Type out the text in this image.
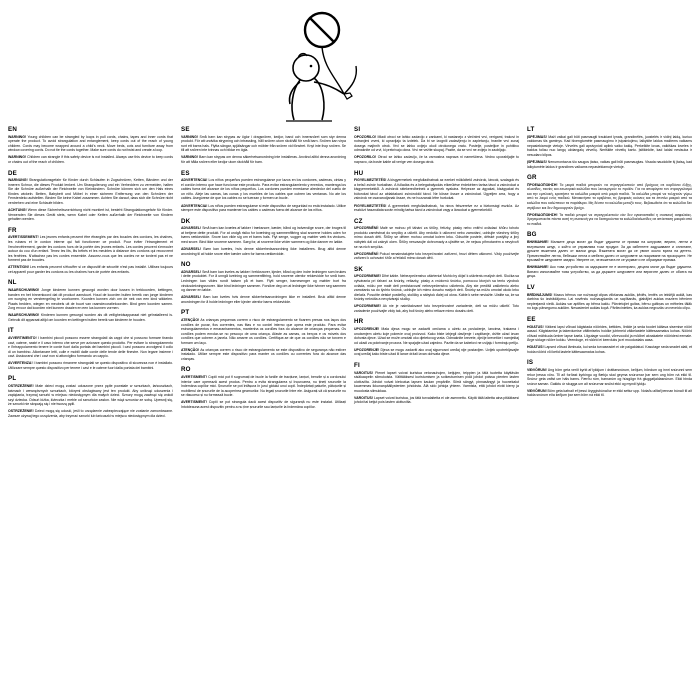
EN

WARNING! Young children can be strangled by loops in pull cords, chains, tapes and inner cords that operate the product. To avoid strangulation and entanglement, keep cords out of the reach of young children. Cords may become wrapped around a child's neck. Move beds, cots and furniture away from window covering cords. Do not tie the cords together. Make sure cords do not twist and create a loop.

WARNING! Children can strangle if this safety device is not installed. Always use this device to keep cords or chains out of the reach of children.

DE

WARNUNG! Strangulationsgefahr für Kinder durch Schlaufen in Zugschnüren, Ketten, Bändern und der inneren Schnur, die dieses Produkt lenkert. Um Strangulierung und ein Verheddern zu vermeiden, halten Sie die Schnüre außerhalb der Reichweite von Kleinkindern. Schnüre können sich um den Hals eines Kindes wickeln. Betten, Babybett und Möbel in einer sicheren Entfernung von den Schnüren der Fensterdeko aufstellen. Binden Sie keine Kabel zusammen. Achten Sie darauf, dass sich die Schnüre nicht verdrehen und eine Schlaufe bilden.

ACHTUNG! Wenn diese Sicherheitsvorrichtung nicht montiert ist, besteht Strangulationsgefahr für Kinder. Verwenden Sie dieses Gerät stets, wenn Kabel oder Ketten außerhalb der Reichweite von Kindern gehalten werden.

FR

AVERTISSEMENT! Les jeunes enfants peuvent être étranglés par des boucles des cordons, les chaînes, les rubans et le cordon interne qui fait fonctionner ce produit. Pour éviter l'étranglement et l'enchevêtrement, garder les cordons hors de la portée des jeunes enfants. Les cordes peuvent s'enrouler autour du cou d'un enfant. Tenez les lits, lits bébés et les meubles à distance des cordons qui recouvrent les fenêtres. N'attachez pas les cordes ensemble. Assurez-vous que les cordes ne se tordent pas et ne forment pas de boucles.

ATTENTION! Les enfants peuvent s'étouffer si ce dispositif de sécurité n'est pas installé. Utilisez toujours cet appareil pour garder les cordons ou les chaînes hors de portée des enfants.

NL

WAARSCHUWING! Jonge kinderen kunnen gewurgd worden door lussen in trekkoorden, kettingen, banden en het binnenkoord dat dit product aanstuurt. Houd de koorden buiten bereik van jonge kinderen om wurging en verstrengeling te voorkomen. Koorden kunnen zich om de nek van een kind wikkelen. Plaats bedden, wiegen en meubels uit de buurt van raamdecoratiekoorden. Bind geen koorden samen. Zorg ervoor dat koorden niet kunnen draaien en een lus kunnen vormen.

WAARSCHUWING! Kinderen kunnen gewurgd worden als dit veiligheidsapparaat niet geïnstalleerd is. Gebruik dit apparaat altijd om koorden en kettingen buiten bereik van kinderen te houden.

IT

AVVERTIMENTO! I bambini piccoli possono essere strangolati da cappi che si possono formare tirando cavi, catene, nastri e il cavo interno che serve per azionare questo prodotto. Per evitare lo strangolamento e l'intrappolamento tenere le corde fuori dalla portata dei bambini piccoli. I cavi possono avvolgersi il collo di un bambino. Allontanare letti, culle e mobili dalle corde delle tende delle finestre. Non legare insieme i cavi. Assicurarsi che i cavi non si attorciglino formando un cappio.

AVVERTENZA! I bambini possono rimanere strangolati se questo dispositivo di sicurezza non è installato. Utilizzare sempre questo dispositivo per tenere i cavi e le catene fuori dalla portata dei bambini.

PL

OSTRZEŻENIE! Małe dzieci mogą zostać uduszone przez pętle powstałe w sznurkach, łańcuszkach, taśmach i wewnętrznych sznurkach, którymi obsługiwany jest ten produkt. Aby uniknąć uduszenia i zaplątania, trzymaj sznurki w miejscu niedostępnym dla małych dzieci. Sznury mogą zawinąć się wokół szyi dziecka. Odsuń łóżka, łóżeczka i meble od sznurków zasłon. Nie wiąż sznurów ze sobą. Upewnij się, że sznurki nie skręcają się i nie tworzą pętli.

OSTRZEŻENIE! Dzieci mogą się udusić, jeśli to urządzenie zabezpieczające nie zostanie zamontowane. Zawsze używaj tego urządzenia, aby trzymać sznurki lub łańcuszki w miejscu niedostępnym dla dzieci.

SE

VARNING! Små barn kan strypas av öglor i dragsnören, kedjor, band och innersnöret som styr denna produkt. För att undvika strypning och intrassling, håll snören utom räckhåll för små barn. Snören kan virpa runt ett barns hals. Flytta sängar, spjälsängar och möbler från snören vid fönstret. Knyt inte ihop snören. Se till att snören inte tvinnas och bildar en ögla.

VARNING! Barn kan strypas om denna säkerhetsanordning inte installeras. Använd alltid denna anordning för att hålla snören eller kedjor utom räckhåll för barn.

ES

ADVERTENCIA! Los niños pequeños pueden estrangularse por lazos en los cordones, cadenas, cintas y el cordón interno que hace funcionar este producto. Para evitar estrangulamiento y enredos, mantenga los cables fuera del alcance de los niños pequeños. Los cordones pueden enredarse alrededor del cuello de un niño. Aleje las camas, las cunas y los muebles de los cables que cubren las ventanas. No ate los cables. Asegúrese de que los cables no se tuerzan y formen un bucle.

ADVERTENCIA! Los niños pueden estrangularse si este dispositivo de seguridad no está instalado. Utilice siempre este dispositivo para mantener los cables o cadenas fuera del alcance de los niños.

DK

ADVARSEL! Små børn kan kvæles af løkker i træksnore, kæder, bånd og indvendige snore, der bruges til at betjene dette produkt. For at undgå risiko for kvælning og sammenfiltring skal snorene holdes uden for børns rækkevidde. Snore kan vikle sig om et barns hals. Flyt senge, vugger og møbler væk fra vindues-med snore. Bind ikke snorene sammen. Sørg for, at snorene ikke vrider sammen og ikke danner en løkke.

ADVARSEL! Børn kan kvæles, hvis denne sikkerhedsanordning ikke installeres. Brug altid denne anordning til at holde snore eller kæder uden for børns rækkevidde.

NO

ADVARSEL! Små barn kan kveles av løkker i trekksnorer, kjeder, bånd og den indre ledningen som brukes i dette produktet. For å unngå kvelning og sammenfiltring, hold snorene utenfor rekkevidde for små barn. Ledningen kan vikles rundt halsen på et barn. Flytt senger, barnesenger og møbler bort fra vindusdekningssnorer. Ikke bind ledninger sammen. Forsikre deg om at ledninger ikke tvinner seg sammen og danner en løkke.

ADVARSEL! Barn kan kveles hvis denne sikkerhetsanordningen ikke er installert. Bruk alltid denne anordningen for å holde ledninger eller kjeder utenfor barns rekkevidde.

PT

ATENÇÃO! As crianças pequenas correm o risco de estrangulamento se ficarem presas nos laços dos cordões de puxar, fios correntes, nas fitas e no cordel interno que opera este produto. Para evitar estrangulamentos e emaranhamentos, mantenha os cordões fora do alcance de crianças pequenas. Os cordões podem enrolar-se no pescoço de uma criança. Afaste as camas, os berços e os móveis dos cordões que cobrem a janela. Não amarre os cordões. Certifique-se de que os cordões não se torcem e formam um laço.

ATENÇÃO! As crianças correm o risco de estrangulamento se este dispositivo de segurança não estiver instalado. Utilize sempre este dispositivo para manter os cordões ou correntes fora do alcance das crianças.

RO

AVERTISMENT! Copiii mici pot fi sugrumați de bucle la funiile de tracțiune, lanțuri, benzile și a cordonului interior care operează acest produs. Pentru a evita strangularea și încurcarea, nu țineți snururile la îndemâna copiilor mici. Șnururile se pot înfășura în jurul gâtului unui copil. Îndepărtați paturile, pătuțurile și mobilierul de șnururile de la acoperirea geamurilor. Nu legați șnururile între ele. Asigurați-vă că șnururile nu se răsucesc și nu formează bucle.

AVERTISMENT! Copiii se pot strangula dacă acest dispozitiv de siguranță nu este instalat. Utilizați întotdeauna acest dispozitiv pentru a nu ține șnururile sau lanțurile la îndemâna copiilor.

SI

OPOZORILO! Mladi otroci se lahko zadavijo z zankami, ki nastanejo z vlečnimi vrvi, verigami, trakovi in notranjimi vrvmi, ki upravljajo ta izdelek. Da bi se izognili zadavljenju in zapletanju, hranite vrvi zunaj dosega majhnih otrok. Vrvi se lahko ovijejo okoli otrokovega vratu. Postelje, posteljice in pohištvo odmaknite od vrvi, ki prekrivajo okna. Vrvi ne vežite skupaj. Pazite, da se vrvi ne zvijejo in zaobljajo.

OPOZORILO! Otroci se lahko zadavijo, če ta varnostna naprava ni nameščena. Vedno uporabljajte to napravo, da boste kable ali verige ven dosega otrok.

HU

FIGYELMEZTETÉS! A kisgyermekek megfulladhatnak az ezeket működtető zsinórok, láncok, szalagok és a belső zsinór hurkaiban. A fulladás és a belegabalyodás elkerülése érdekében tartsa távol a zsinórokat a kisgyermekektől. A zsinórok rátekeredhetnek a gyermek nyakára. Helyezze az ágyakat, kiságyakat és bútorokat távol az ablaktakaró zsinóroktól távol. Ne kösse össze a zsinórokat. Ügyeljen arra, hogy a zsinórok ne csavarodjanak össze, és ne hozzanak létre hurkokat.

FIGYELMEZTETÉS! A gyermekek megfulladhatnak, ha nincs felszerelve ez a biztonsági eszköz. Az eszközt használata során mindig tartsa távol a zsinórokat vagy a láncokat a gyermekektől.

CZ

UPOZORNĚNÍ! Malé se mohou při táhání za šňůry, řetízky, pásky nebo vnitřní ovládací šňůru tohoto produktu zaměstnat do smyčky a uškrtit. Aby nedošlo k uškrcení nebo zamotání, udržujte všechny šňůry mimo dosah dětí. Šňůry se dětem mohou omotat kolem krku. Odsuňte postele, dětské postýlky a jiný nábytek dál od zakrytí oken. Šňůry nesvazujte dohromady a ujistěte se, že nejsou přimotaném a nevytvoří se na nich smyčka.

UPOZORNĚNÍ! Pokud nenainstalujete toto bezpečnostní zařízení, hrozí dětem uškrcení. Vždy používejte zařízení k uchování šňůr a řetízků mimo dosah dětí.

SK

UPOZORNENIE! Dlhé káble. Nebezpečenstvo uškrtenia! Mohlo by dôjsť k uškrteniu malých detí. Slučka sa vytvárania pri ťahaní za šnúrky, retiazky, pásky a vnútornú šnúrku, pomocou ktorých sa tento výrobok ovláda, môžu pre malé deti predstavovať nebezpečenstvo uškrtenia. Aby ste predišli zaškrteniu alebo zamotaniu sa do týchto šnúrok, udržujte ich mimo dosahu malých detí. Šnúrky sa môžu omotať okolo krku dieťaťa. Posuňte detské postieľky, stoličky a nábytok ďalej od okna. Káble k sebe neviažte. Uistite sa, že sa šnúrky nekrútia a nevytvárajú slučky.

UPOZORNENIE! Ak nie je nainštalované toto bezpečnostné zariadenie, deti sa môžu uškrtiť. Toto zariadenie používajte vždy tak, aby boli šnúry alebo retiaze mimo dosahu detí.

HR

UPOZORENJE! Mala djeca mogu se zadaviti omčama u užetu za povlačenje, lancima, trakama i unutarnjem užetu koje pokreće ovaj proizvod. Kako biste izbjegli davljenje i zaplitanje, držite užad izvan dohvata djece. Užad se može omotati oko djetetovog vrata. Odmaknite krevete, dječje krevetiće i namještaj od užadi za pokrivanje prozora. Ne spajajte užad zajedno. Pazite da se kabelovi ne uvijaju i formiraju petlju.

UPOZORENJE! Djeca se mogu zadaviti ako ovaj sigurnosni uređaj nije postavljen. Uvijek upotrebljavajte ovaj uređaj kako biste užad ili lance držali izvan dohvata djece.

FI

VAROITUS! Pienet lapset voivat kuristua vetonauhojen, ketjujen, teippien ja tätä tuotetta käyttävän sisäkaapelin silmukoista. Välttääksesi kuristumisen ja sotkeutumisen pidä johdot poissa pienten lasten ulottuvilta. Johdot voivat kietoutua lapsen kaulan ympärille. Siirrä sängyt, pinnasängyt ja huonekalut kauemmas ikkunanpäällystenten johdoista. Älä sido johtoja yhteen. Varmista, että johdot eivät kierry ja muodosta silmukkaa.

VAROITUS! Lapset voivat kuristua, jos tätä turvalaitetta ei ole asennettu. Käytä tätä laitetta aina pitääksesi johdot tai ketjut pois lasten ulottuvilta.

LT

ĮSPĖJIMAS! Maži vaikai gali būti pasmaugti traukiant lynais, grandinėlės, juostelės ir vidinį laidą, kuriuo valdomas šis gaminys. Kad išvengtumėte pasmaugimo ir įsipainiojimo, laikykite laidus mažiems vaikams nepasiekiamoje vietoje. Virvelės gali apsivynioti aplink vaiko kaklą. Perkelkite lovas, vaikiškas loveles ir baldus toliau nuo langų uždangalų virvelių. Neriškite virvelių kartu. Įsitikinkite, kad laidai nesisuka ir nesudaro kilpos.

ĮSPĖJIMAS! Nenumontavus šio saugos įtaiso, vaikas gali būti pasmaugtas. Visada naudokite šį įtaisą, kad laikytumėte laidus ir grandines vaikams nepasiekiamoje vietoje.

GR

ΠΡΟΕΙΔΟΠΟΙΗΣΗ! Τα μικρά παιδιά μπορούν να στραγγαλιστούν από βρόχους σε κορδόνια έλξης, αλυσίδες, ταινίες και εσωτερικά καλώδια που λειτουργούν το προϊόν. Για να αποφύγετε τον στραγγαλισμό και την εμπλοκή, κρατήστε τα καλώδια μακριά από μικρά παιδιά. Τα καλώδια μπορεί να τυλιχτούν γύρω από το λαιμό ενός παιδιού. Μετακινήστε τα κρεβάτια, τις βρεφικές κούνιες και τα έπιπλα μακριά από τα καλώδια που καλύπτουν τα παράθυρα. Μη δένετε τα καλώδια μεταξύ τους. Βεβαιωθείτε ότι τα καλώδια δεν στρίβουν και δεν δημιουργούν βρόχο.

ΠΡΟΕΙΔΟΠΟΙΗΣΗ! Τα παιδιά μπορεί να στραγγαλιστούν εάν δεν εγκατασταθεί η συσκευή ασφαλείας. Χρησιμοποιείτε πάντα αυτή τη συσκευή για να διατηρούνται τα καλώδια/αλυσίδες σε απόσταση μακριά από τα παιδιά.

BG

ВНИМАНИЕ! Малките деца могат да бъдат удушени от примки на шнурове, вериги, ленти и вътрешния шнур, с който се управлява този продукт. За да избегнете задушаване и оплитане, дръжте въжетата далеч от малки деца. Въжетата могат да се увият около врата на детето. Премествайте легла, бебешки легла и мебели далеч от шнуровете за покриване на прозорците. Не връзвайте шнуровете заедно. Уверете се, че въжетата не се усукват и не образуват примка.

ВНИМАНИЕ! Ако това устройство за задържане не е монтирано, децата могат да бъдат удушени. Винаги използвайте това устройство, за да държите шнуровете или веригите далеч от обсега на деца.

LV

BRĪDINĀJUMS! Mazus bērnus var nožņaugt cilpas vilkšanas auklās, ķēdēs, lentēs un iekšējā auklā, kas darbina šo izstrādājumu. Lai novērstu nožņaugšanās un sapīšanās, glabājiet auklas maziem bērniem nepieejamā vietā. Auklas var aptīties ap bērna kaklu. Pārvietojiet gultas, bērnu gultiņas un mēbeles tālāk no logu pārsegumu auklām. Nesasieniet auklas kopā. Pārliecinieties, ka auklas negrozās un neveido cilpu.

EE

HOIATUS! Väikesi lapsi võivad kägistada nöörides, kettides, lintide ja seda toodet käitava sisemise nööri aasad. Kägistamise ja takerdumise vältimiseks hoidke juhtmeid väikelastele kättesaamatus kohas. Nöörid võivad mähkuda ümber lapse kaela. Liigutage voodid, võrevoodid ja mööbel aknakatete nööridest eemale. Ärge siduge nööre kokku. Veenduge, et nöörid ei keerduks ja ei moodustaks aasa.

HOIATUS! Lapsed võivad lämbuda, kui seda turvaseadet ei ole paigaldatud. Kasutage seda seadet alati, et hoida nöörid või ketid lastele kättesaamatus kohas.

IS

VIÐVÖRUN! Ung börn geta verið kyrkt af lykkjum í dráttarsnúrum, keðjum, böndum og innri snúrunni sem rekur þessa vöru. Til að forðast kyrkingu og flækju skal geyma snúrurnar þar sem ung börn ná ekki til. Snúrur geta vafist um háls barns. Færðu rúm, barnarúm og húsgögn frá gluggatjaldasnúrum. Ekki binda snúrur saman. Gakktu úr skugga um að snúrurnar snúist ekki og myndi lykkju.

VIÐVÖRUN! Börn geta kafnað ef þessi öryggisbúnaður er ekki settur upp. Notaðu alltaf þennan búnað til að halda snúrum eða keðjum þar sem börn ná ekki til.
